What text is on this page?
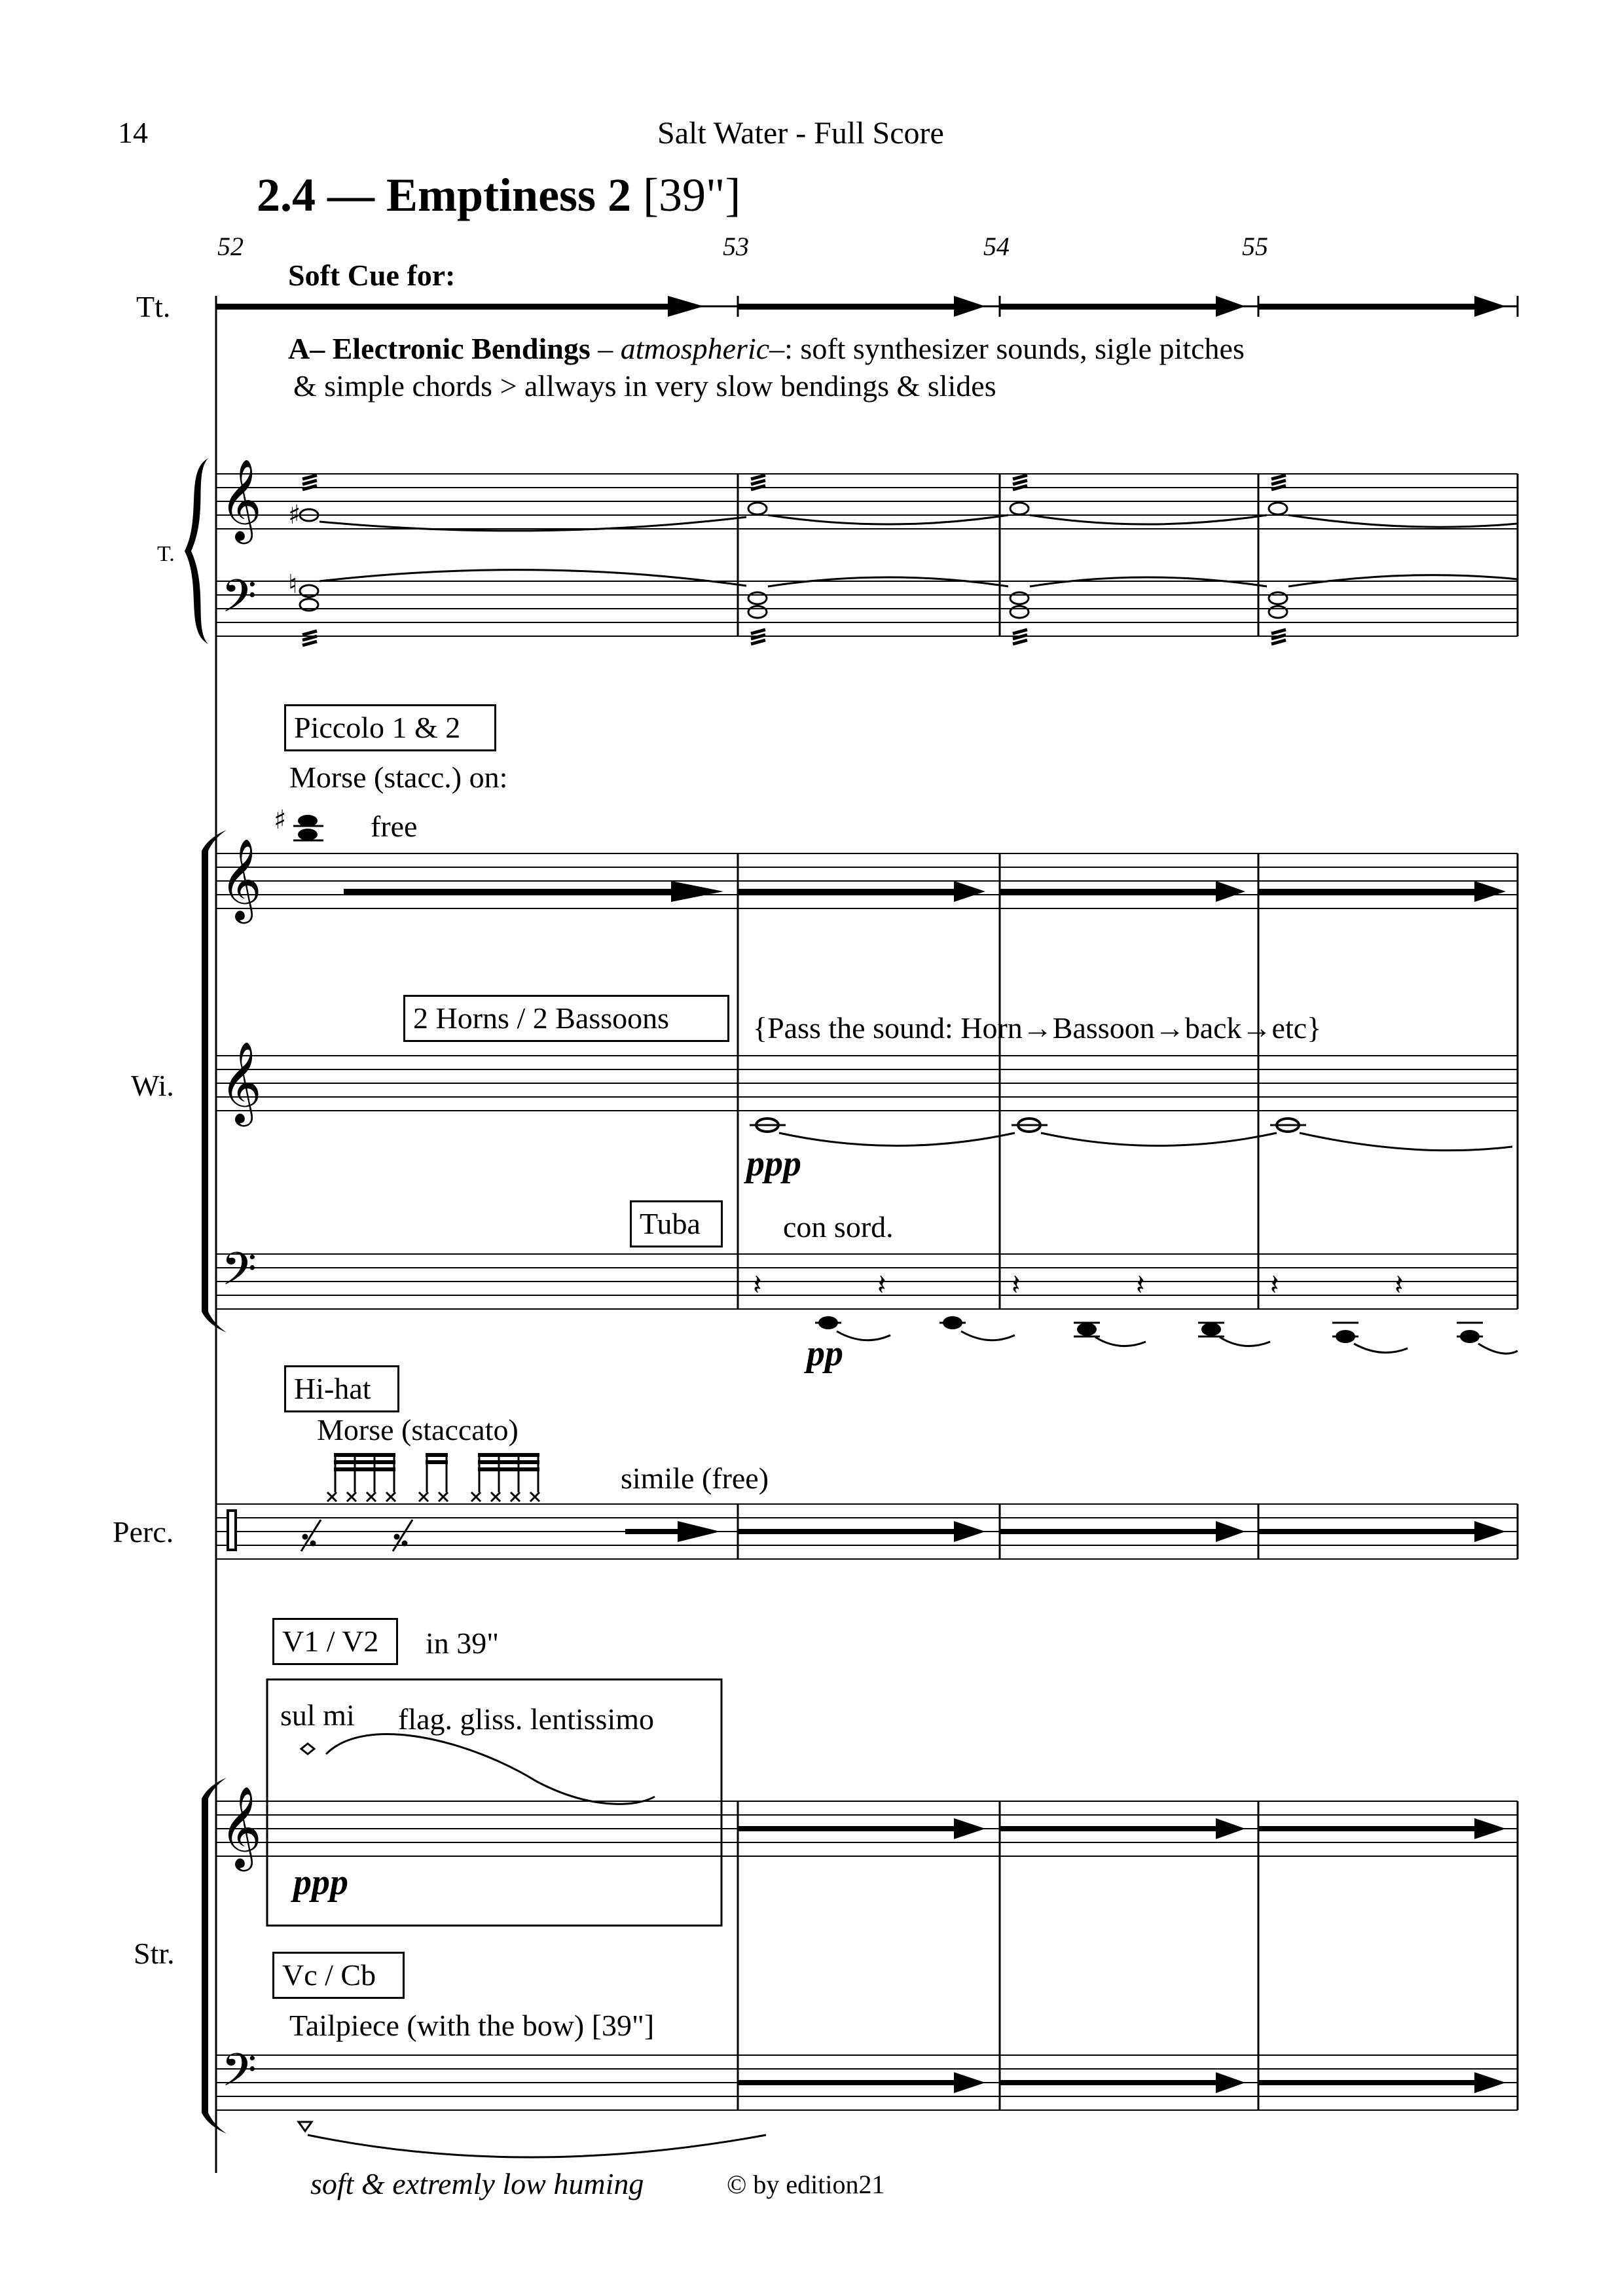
𝄞
𝄢
♯
♮
𝄞
♯
𝄞
𝄢	𝄽	𝄽	𝄽	𝄽	𝄽	𝄽
𝄞
𝄢
14	Salt Water - Full Score
2.4 — Emptiness 2 [39"]
52	53	54	55
Soft Cue for:
Tt.
A– Electronic Bendings – atmospheric–: soft synthesizer sounds, sigle pitches
& simple chords > allways in very slow bendings & slides
T.
Piccolo 1 & 2
Morse (stacc.) on:
free
2 Horns / 2 Bassoons	{Pass the sound: Horn→Bassoon→back→etc}
Wi.
ppp
Tuba	con sord.
pp
Hi-hat
Morse (staccato)
simile (free)
Perc.
V1 / V2 in 39"
sul mi flag. gliss. lentissimo
ppp
Str.
Vc / Cb
Tailpiece (with the bow) [39"]
soft & extremly low huming	© by edition21
